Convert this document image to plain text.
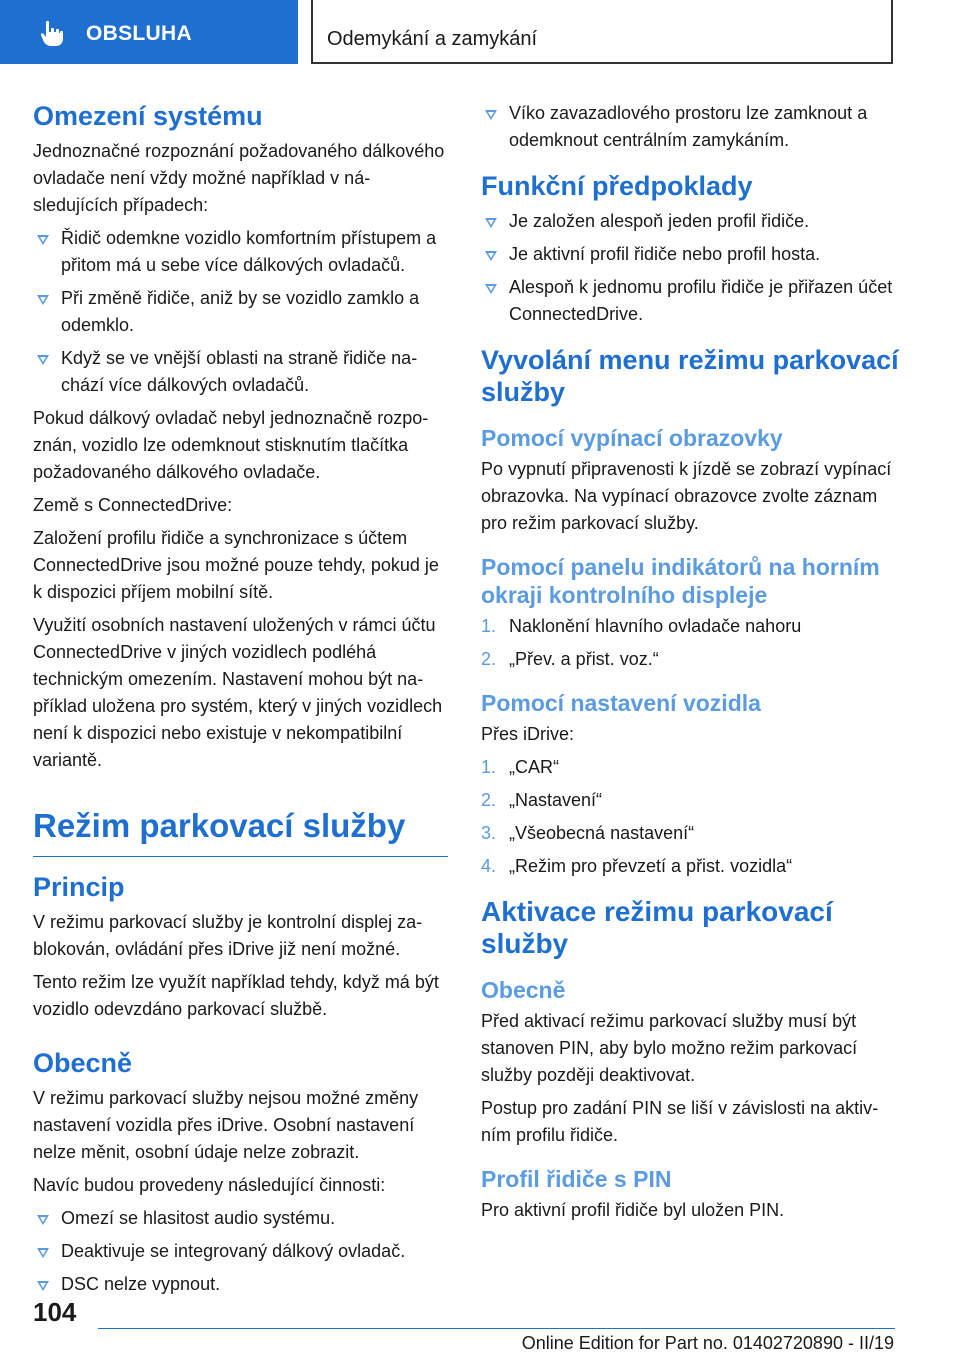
OBSLUHA	Odemykání a zamykání
Omezení systému
Jednoznačné rozpoznání požadovaného dálkového ovladače není vždy možné například v následujících případech:
Řidič odemkne vozidlo komfortním přístupem a přitom má u sebe více dálkových ovladačů.
Při změně řidiče, aniž by se vozidlo zamklo a odemklo.
Když se ve vnější oblasti na straně řidiče nachází více dálkových ovladačů.
Pokud dálkový ovladač nebyl jednoznačně rozpoznán, vozidlo lze odemknout stisknutím tlačítka požadovaného dálkového ovladače.
Země s ConnectedDrive:
Založení profilu řidiče a synchronizace s účtem ConnectedDrive jsou možné pouze tehdy, pokud je k dispozici příjem mobilní sítě.
Využití osobních nastavení uložených v rámci účtu ConnectedDrive v jiných vozidlech podléhá technickým omezením. Nastavení mohou být například uložena pro systém, který v jiných vozidlech není k dispozici nebo existuje v nekompatibilní variantě.
Režim parkovací služby
Princip
V režimu parkovací služby je kontrolní displej zablokován, ovládání přes iDrive již není možné.
Tento režim lze využít například tehdy, když má být vozidlo odevzdáno parkovací službě.
Obecně
V režimu parkovací služby nejsou možné změny nastavení vozidla přes iDrive. Osobní nastavení nelze měnit, osobní údaje nelze zobrazit.
Navíc budou provedeny následující činnosti:
Omezí se hlasitost audio systému.
Deaktivuje se integrovaný dálkový ovladač.
DSC nelze vypnout.
Víko zavazadlového prostoru lze zamknout a odemknout centrálním zamykáním.
Funkční předpoklady
Je založen alespoň jeden profil řidiče.
Je aktivní profil řidiče nebo profil hosta.
Alespoň k jednomu profilu řidiče je přiřazen účet ConnectedDrive.
Vyvolání menu režimu parkovací služby
Pomocí vypínací obrazovky
Po vypnutí připravenosti k jízdě se zobrazí vypínací obrazovka. Na vypínací obrazovce zvolte záznam pro režim parkovací služby.
Pomocí panelu indikátorů na horním okraji kontrolního displeje
1. Naklonění hlavního ovladače nahoru
2. „Přev. a přist. voz.“
Pomocí nastavení vozidla
Přes iDrive:
1. „CAR“
2. „Nastavení“
3. „Všeobecná nastavení“
4. „Režim pro převzetí a přist. vozidla“
Aktivace režimu parkovací služby
Obecně
Před aktivací režimu parkovací služby musí být stanoven PIN, aby bylo možno režim parkovací služby později deaktivovat.
Postup pro zadání PIN se liší v závislosti na aktivním profilu řidiče.
Profil řidiče s PIN
Pro aktivní profil řidiče byl uložen PIN.
104
Online Edition for Part no. 01402720890 - II/19
